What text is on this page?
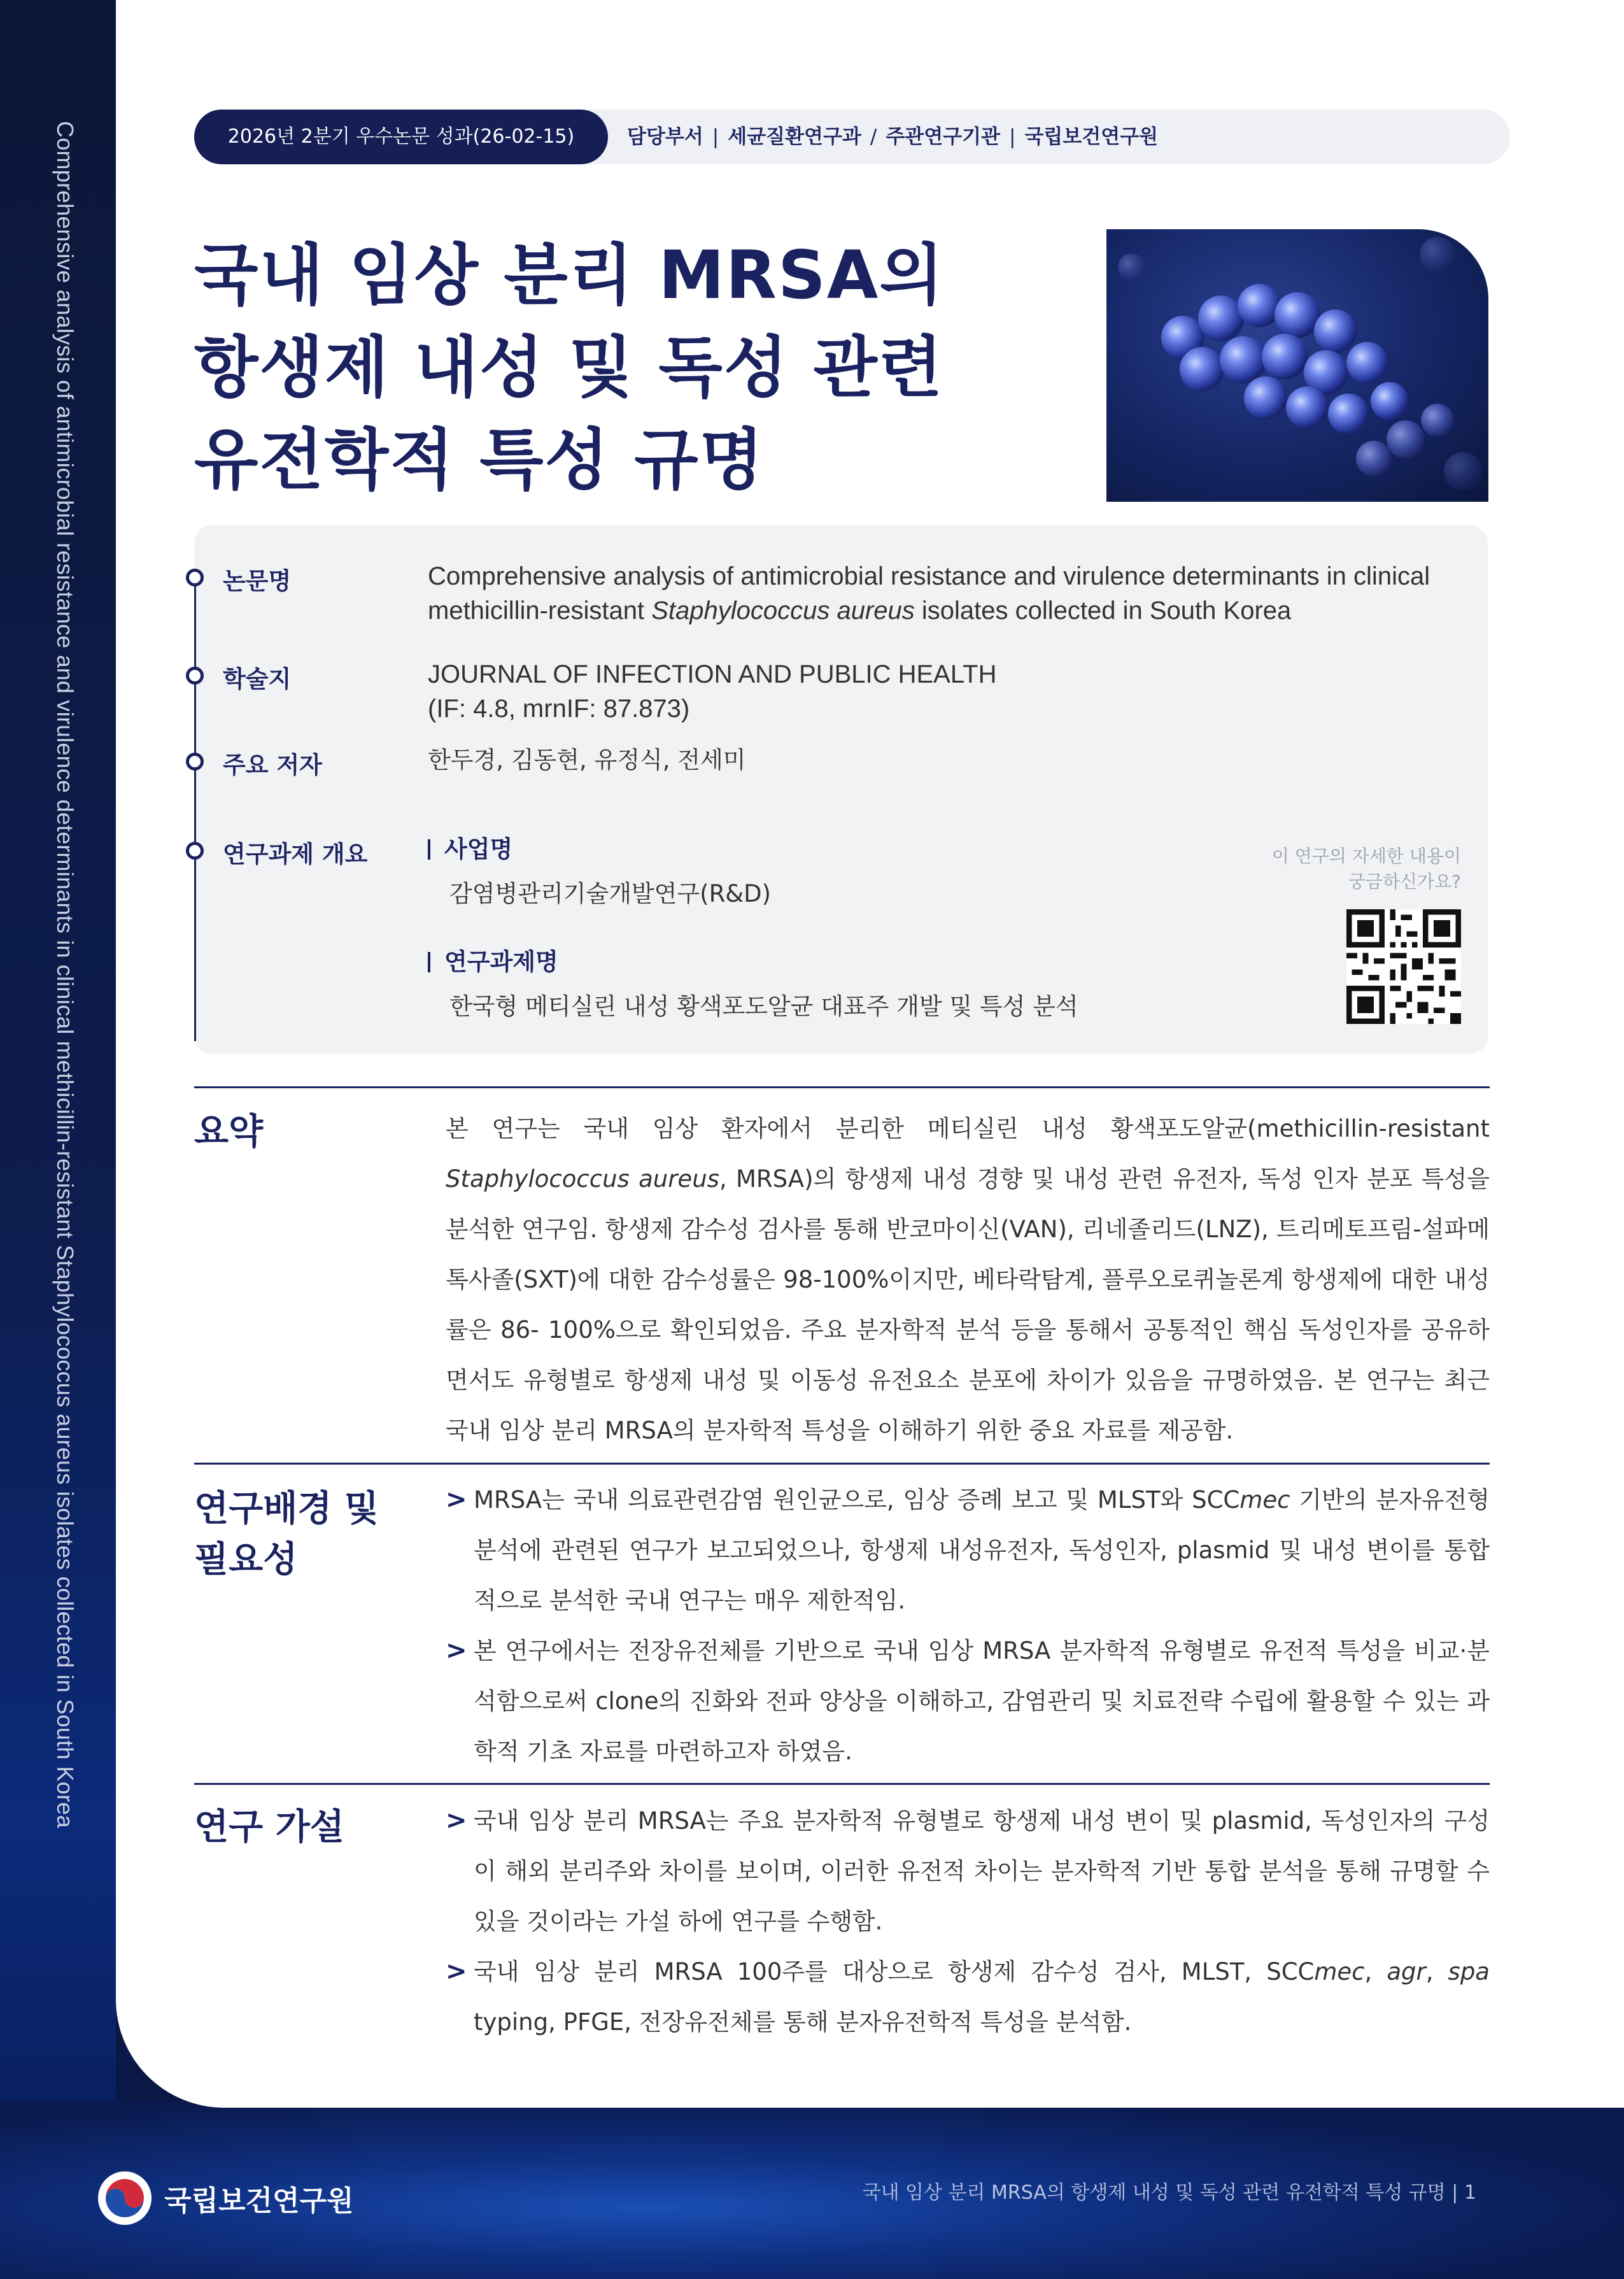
Comprehensive analysis of antimicrobial resistance and virulence determinants in clinical methicillin-resistant Staphylococcus aureus isolates collected in South Korea	2026년 2분기 우수논문 성과(26-02-15)	담당부서 | 세균질환연구과 / 주관연구기관 | 국립보건연구원
국내 임상 분리 MRSA의
항생제 내성 및 독성 관련
유전학적 특성 규명
논문명	Comprehensive analysis of antimicrobial resistance and virulence determinants in clinical
methicillin-resistant Staphylococcus aureus isolates collected in South Korea
학술지	JOURNAL OF INFECTION AND PUBLIC HEALTH
(IF: 4.8, mrnIF: 87.873)
주요 저자	한두경, 김동현, 유정식, 전세미
연구과제 개요	사업명
감염병관리기술개발연구(R&D)
연구과제명
한국형 메티실린 내성 황색포도알균 대표주 개발 및 특성 분석
이 연구의 자세한 내용이
궁금하신가요?
요약	본 연구는 국내 임상 환자에서 분리한 메티실린 내성 황색포도알균(methicillin-resistant Staphylococcus aureus, MRSA)의 항생제 내성 경향 및 내성 관련 유전자, 독성 인자 분포 특성을 분석한 연구임. 항생제 감수성 검사를 통해 반코마이신(VAN), 리네졸리드(LNZ), 트리메토프림-설파메톡사졸(SXT)에 대한 감수성률은 98-100%이지만, 베타락탐계, 플루오로퀴놀론계 항생제에 대한 내성률은 86- 100%으로 확인되었음. 주요 분자학적 분석 등을 통해서 공통적인 핵심 독성인자를 공유하면서도 유형별로 항생제 내성 및 이동성 유전요소 분포에 차이가 있음을 규명하였음. 본 연구는 최근 국내 임상 분리 MRSA의 분자학적 특성을 이해하기 위한 중요 자료를 제공함.
연구배경 및
필요성
> MRSA는 국내 의료관련감염 원인균으로, 임상 증례 보고 및 MLST와 SCCmec 기반의 분자유전형 분석에 관련된 연구가 보고되었으나, 항생제 내성유전자, 독성인자, plasmid 및 내성 변이를 통합적으로 분석한 국내 연구는 매우 제한적임.
> 본 연구에서는 전장유전체를 기반으로 국내 임상 MRSA 분자학적 유형별로 유전적 특성을 비교·분석함으로써 clone의 진화와 전파 양상을 이해하고, 감염관리 및 치료전략 수립에 활용할 수 있는 과학적 기초 자료를 마련하고자 하였음.
연구 가설	> 국내 임상 분리 MRSA는 주요 분자학적 유형별로 항생제 내성 변이 및 plasmid, 독성인자의 구성이 해외 분리주와 차이를 보이며, 이러한 유전적 차이는 분자학적 기반 통합 분석을 통해 규명할 수 있을 것이라는 가설 하에 연구를 수행함.
> 국내 임상 분리 MRSA 100주를 대상으로 항생제 감수성 검사, MLST, SCCmec, agr, spa typing, PFGE, 전장유전체를 통해 분자유전학적 특성을 분석함.
국립보건연구원	국내 임상 분리 MRSA의 항생제 내성 및 독성 관련 유전학적 특성 규명 | 1
